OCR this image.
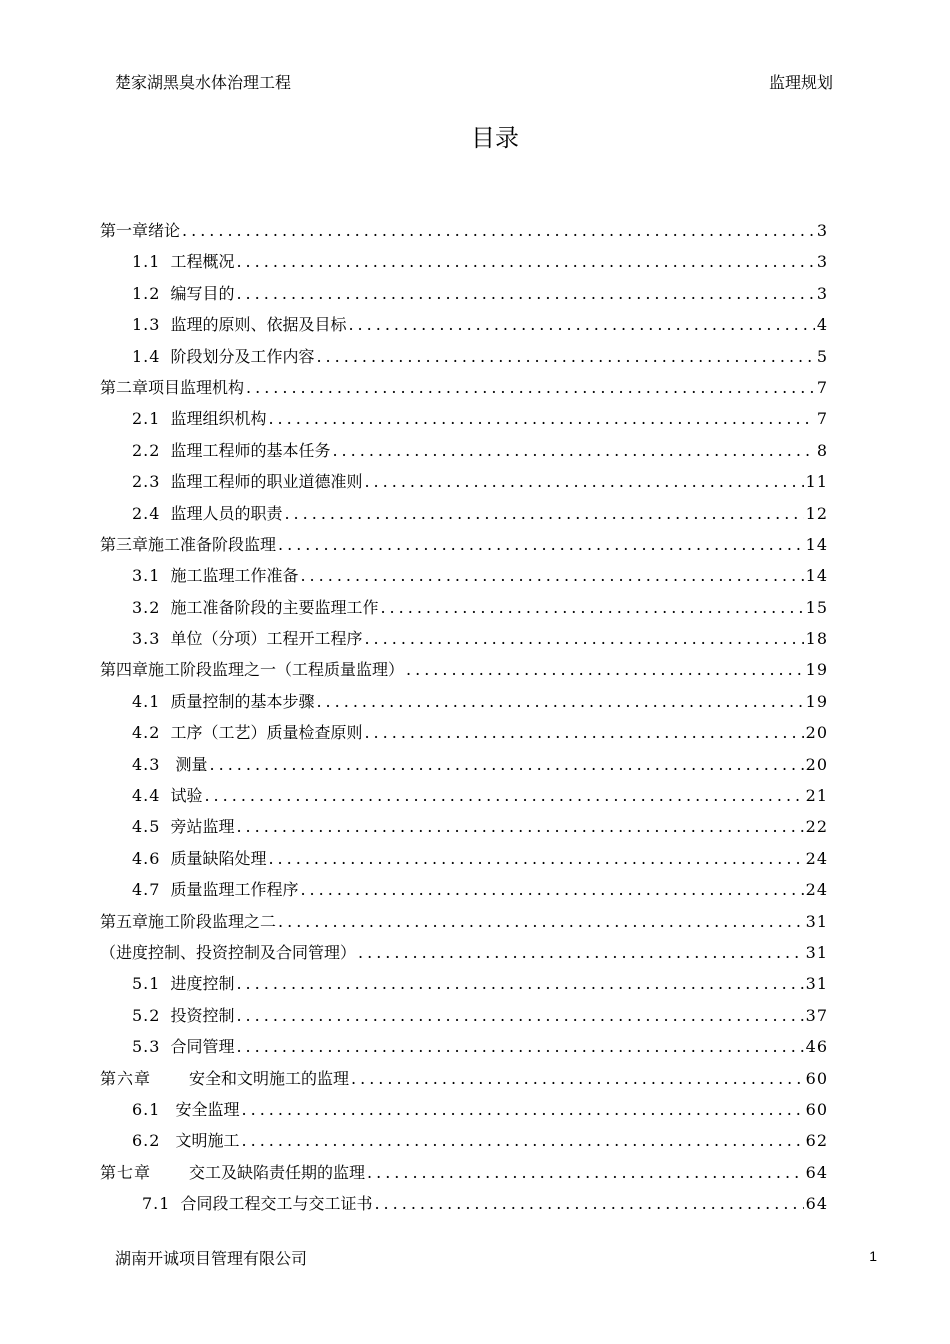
楚家湖黑臭水体治理工程	监理规划
目录
第一章绪论 .....	3
1.1 工程概况 .....	3
1.2 编写目的 .....	3
1.3 监理的原则、依据及目标 .....	4
1.4 阶段划分及工作内容 .....	5
第二章项目监理机构 .....	7
2.1 监理组织机构 .....	7
2.2 监理工程师的基本任务 .....	8
2.3 监理工程师的职业道德准则 .....	11
2.4 监理人员的职责 .....	12
第三章施工准备阶段监理 .....	14
3.1 施工监理工作准备 .....	14
3.2 施工准备阶段的主要监理工作 .....	15
3.3 单位（分项）工程开工程序 .....	18
第四章施工阶段监理之一（工程质量监理） .....	19
4.1 质量控制的基本步骤 .....	19
4.2 工序（工艺）质量检查原则 .....	20
4.3 测量 .....	20
4.4 试验 .....	21
4.5 旁站监理 .....	22
4.6 质量缺陷处理 .....	24
4.7 质量监理工作程序 .....	24
第五章施工阶段监理之二 .....	31
（进度控制、投资控制及合同管理） .....	31
5.1 进度控制 .....	31
5.2 投资控制 .....	37
5.3 合同管理 .....	46
第六章 安全和文明施工的监理 .....	60
6.1 安全监理 .....	60
6.2 文明施工 .....	62
第七章 交工及缺陷责任期的监理 .....	64
7.1 合同段工程交工与交工证书 .....	64
湖南开诚项目管理有限公司	1
